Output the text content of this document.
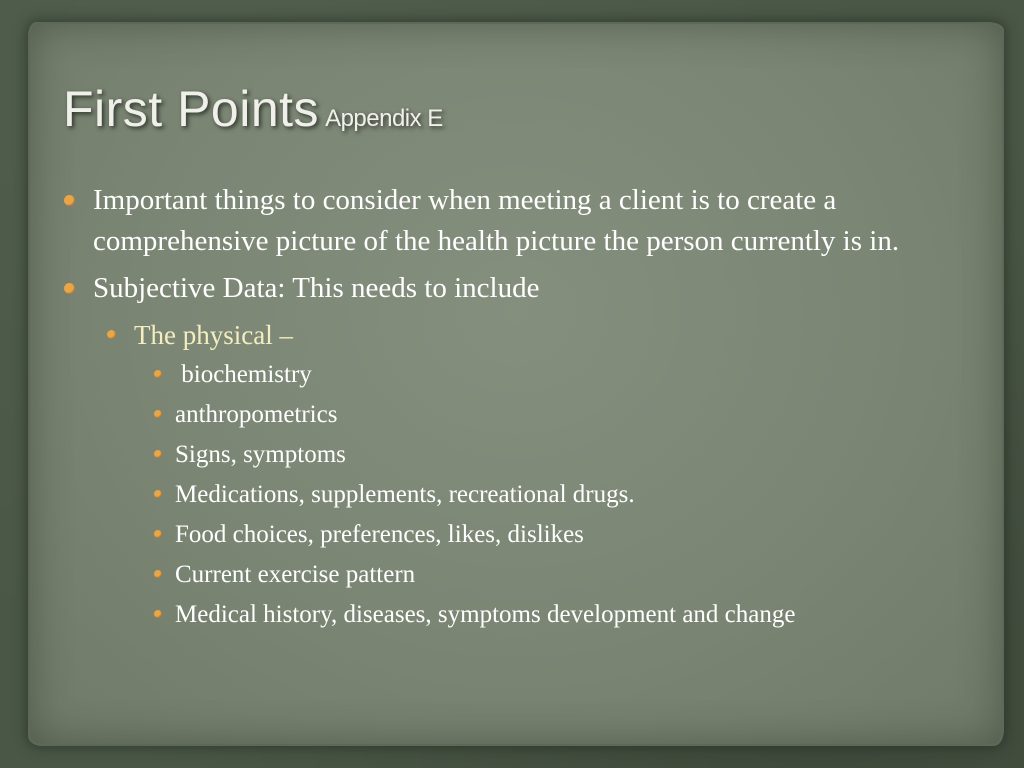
First Points Appendix E

Important things to consider when meeting a client is to create a comprehensive picture of the health picture the person currently is in.

Subjective Data: This needs to include

The physical –

biochemistry

anthropometrics

Signs, symptoms

Medications, supplements, recreational drugs.

Food choices, preferences, likes, dislikes

Current exercise pattern

Medical history, diseases, symptoms development and change
